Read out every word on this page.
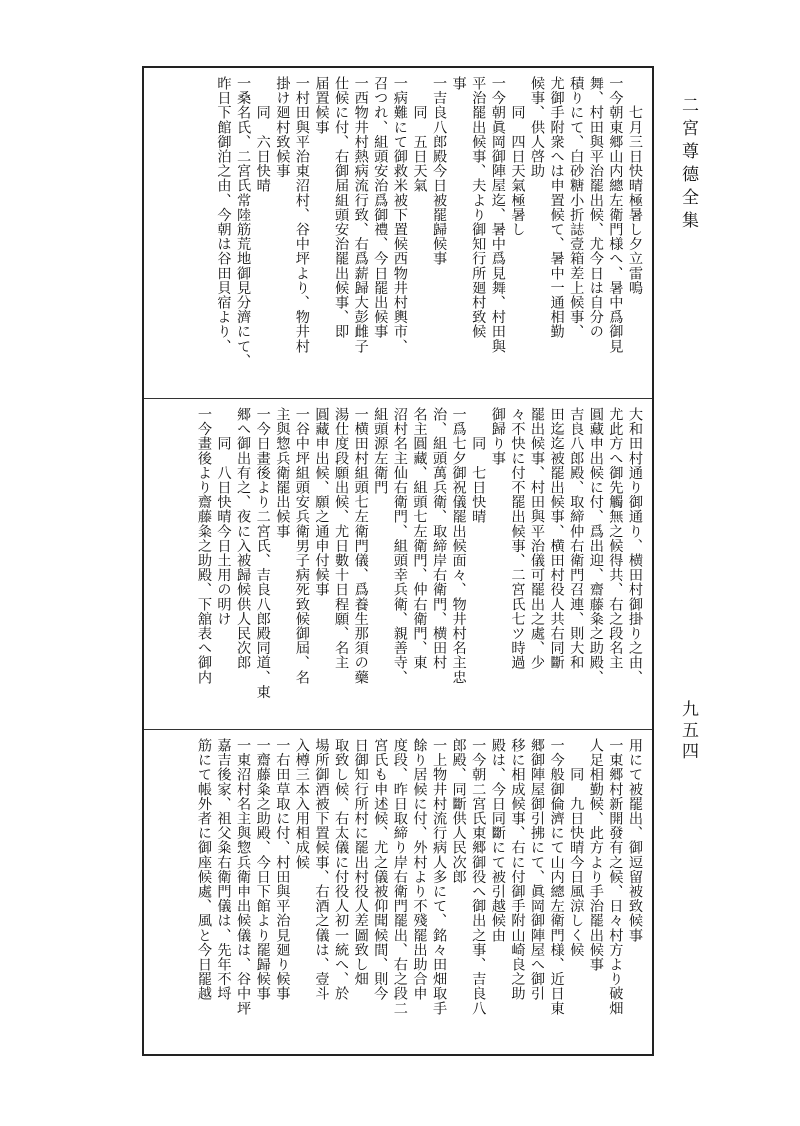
二宮尊德全集
九五四
　　七月三日快晴極暑し夕立雷鳴
一今朝東郷山内總左衛門様へ、暑中爲御見
舞、村田與平治罷出候、尤今日は自分の
積りにて、白砂糖小折誌壹箱差上候事、
尤御手附衆へは申置候て、暑中一通相勤
候事、供人啓助
　　同　四日天氣極暑し
一今朝眞岡御陣屋迄、暑中爲見舞、村田與
平治罷出候事、夫より御知行所廻村致候
事
一吉良八郎殿今日被罷歸候事
　　同　五日天氣
一病難にて御救米被下置候西物井村輿市、
召つれ、組頭安治爲御禮、今日罷出候事
一西物井村熱病流行致、右爲薪歸大彭雌子
仕候に付、右御届組頭安治罷出候事、即
届置候事
一村田與平治東沼村、谷中坪より、物井村
掛け廻村致候事
　　同　六日快晴
一桑名氏、二宮氏常陸筋荒地御見分濟にて、
昨日下館御泊之由、今朝は谷田貝宿より、
大和田村通り御通り、横田村御掛り之由、
尤此方へ御先觸無之候得共、右之段名主
圓藏申出候に付、爲出迎、齋藤粂之助殿、
吉良八郎殿、取締仲右衛門召連、則大和
田迄迄被罷出候事、横田村役人共右同斷
罷出候事、村田與平治儀可罷出之處、少
々不快に付不罷出候事、二宮氏七ツ時過
御歸り事
　　同　七日快晴
一爲七夕御祝儀罷出候面々、物井村名主忠
治、組頭萬兵衛、取締岸右衛門、横田村
名主圓藏、組頭七左衛門、仲右衛門、東
沼村名主仙右衛門、組頭幸兵衛、親善寺、
組頭源左衛門
一横田村組頭七左衛門儀、爲養生那須の藥
湯仕度段願出候、尤日數十日程願、名主
圓藏申出候、願之通申付候事
一谷中坪組頭安兵衛男子病死致候御屆、名
主與惣兵衛罷出候事
一今日畫後より二宮氏、吉良八郎殿同道、東
郷へ御出有之、夜に入被歸候供人民次郎
　　同　八日快晴今日土用の明け
一今畫後より齋藤粂之助殿、下舘表へ御内
用にて被罷出、御逗留被致候事
一東郷村新開發有之候、日々村方より破畑
人足相勤候、此方より手治罷出候事
　　同　九日快晴今日風涼しく候
一今般御倫濟にて山内總左衛門様、近日東
郷御陣屋御引拂にて、眞岡御陣屋へ御引
移に相成候事、右に付御手附山崎良之助
殿は、今日同斷にて被引越候由
一今朝二宮氏東郷御役へ御出之事、吉良八
郎殿、同斷供人民次郎
一上物井村流行病人多にて、銘々田畑取手
餘り居候に付、外村より不殘罷出助合申
度段、昨日取締り岸右衛門罷出、右之段二
宮氏も申述候、尤之儀被仰聞候間、則今
日御知行所村に罷出村役人差圖致し畑
取致し候、右太儀に付役人初一統へ、於
場所御酒被下置候事、右酒之儀は、壹斗
入樽三本入用相成候
一右田草取に付、村田與平治見廻り候事
一齋藤粂之助殿、今日下館より罷歸候事
一東沼村名主與惣兵衛申出候儀は、谷中坪
嘉吉後家、祖父粂右衛門儀は、先年不埒
筋にて帳外者に御座候處、風と今日罷越
